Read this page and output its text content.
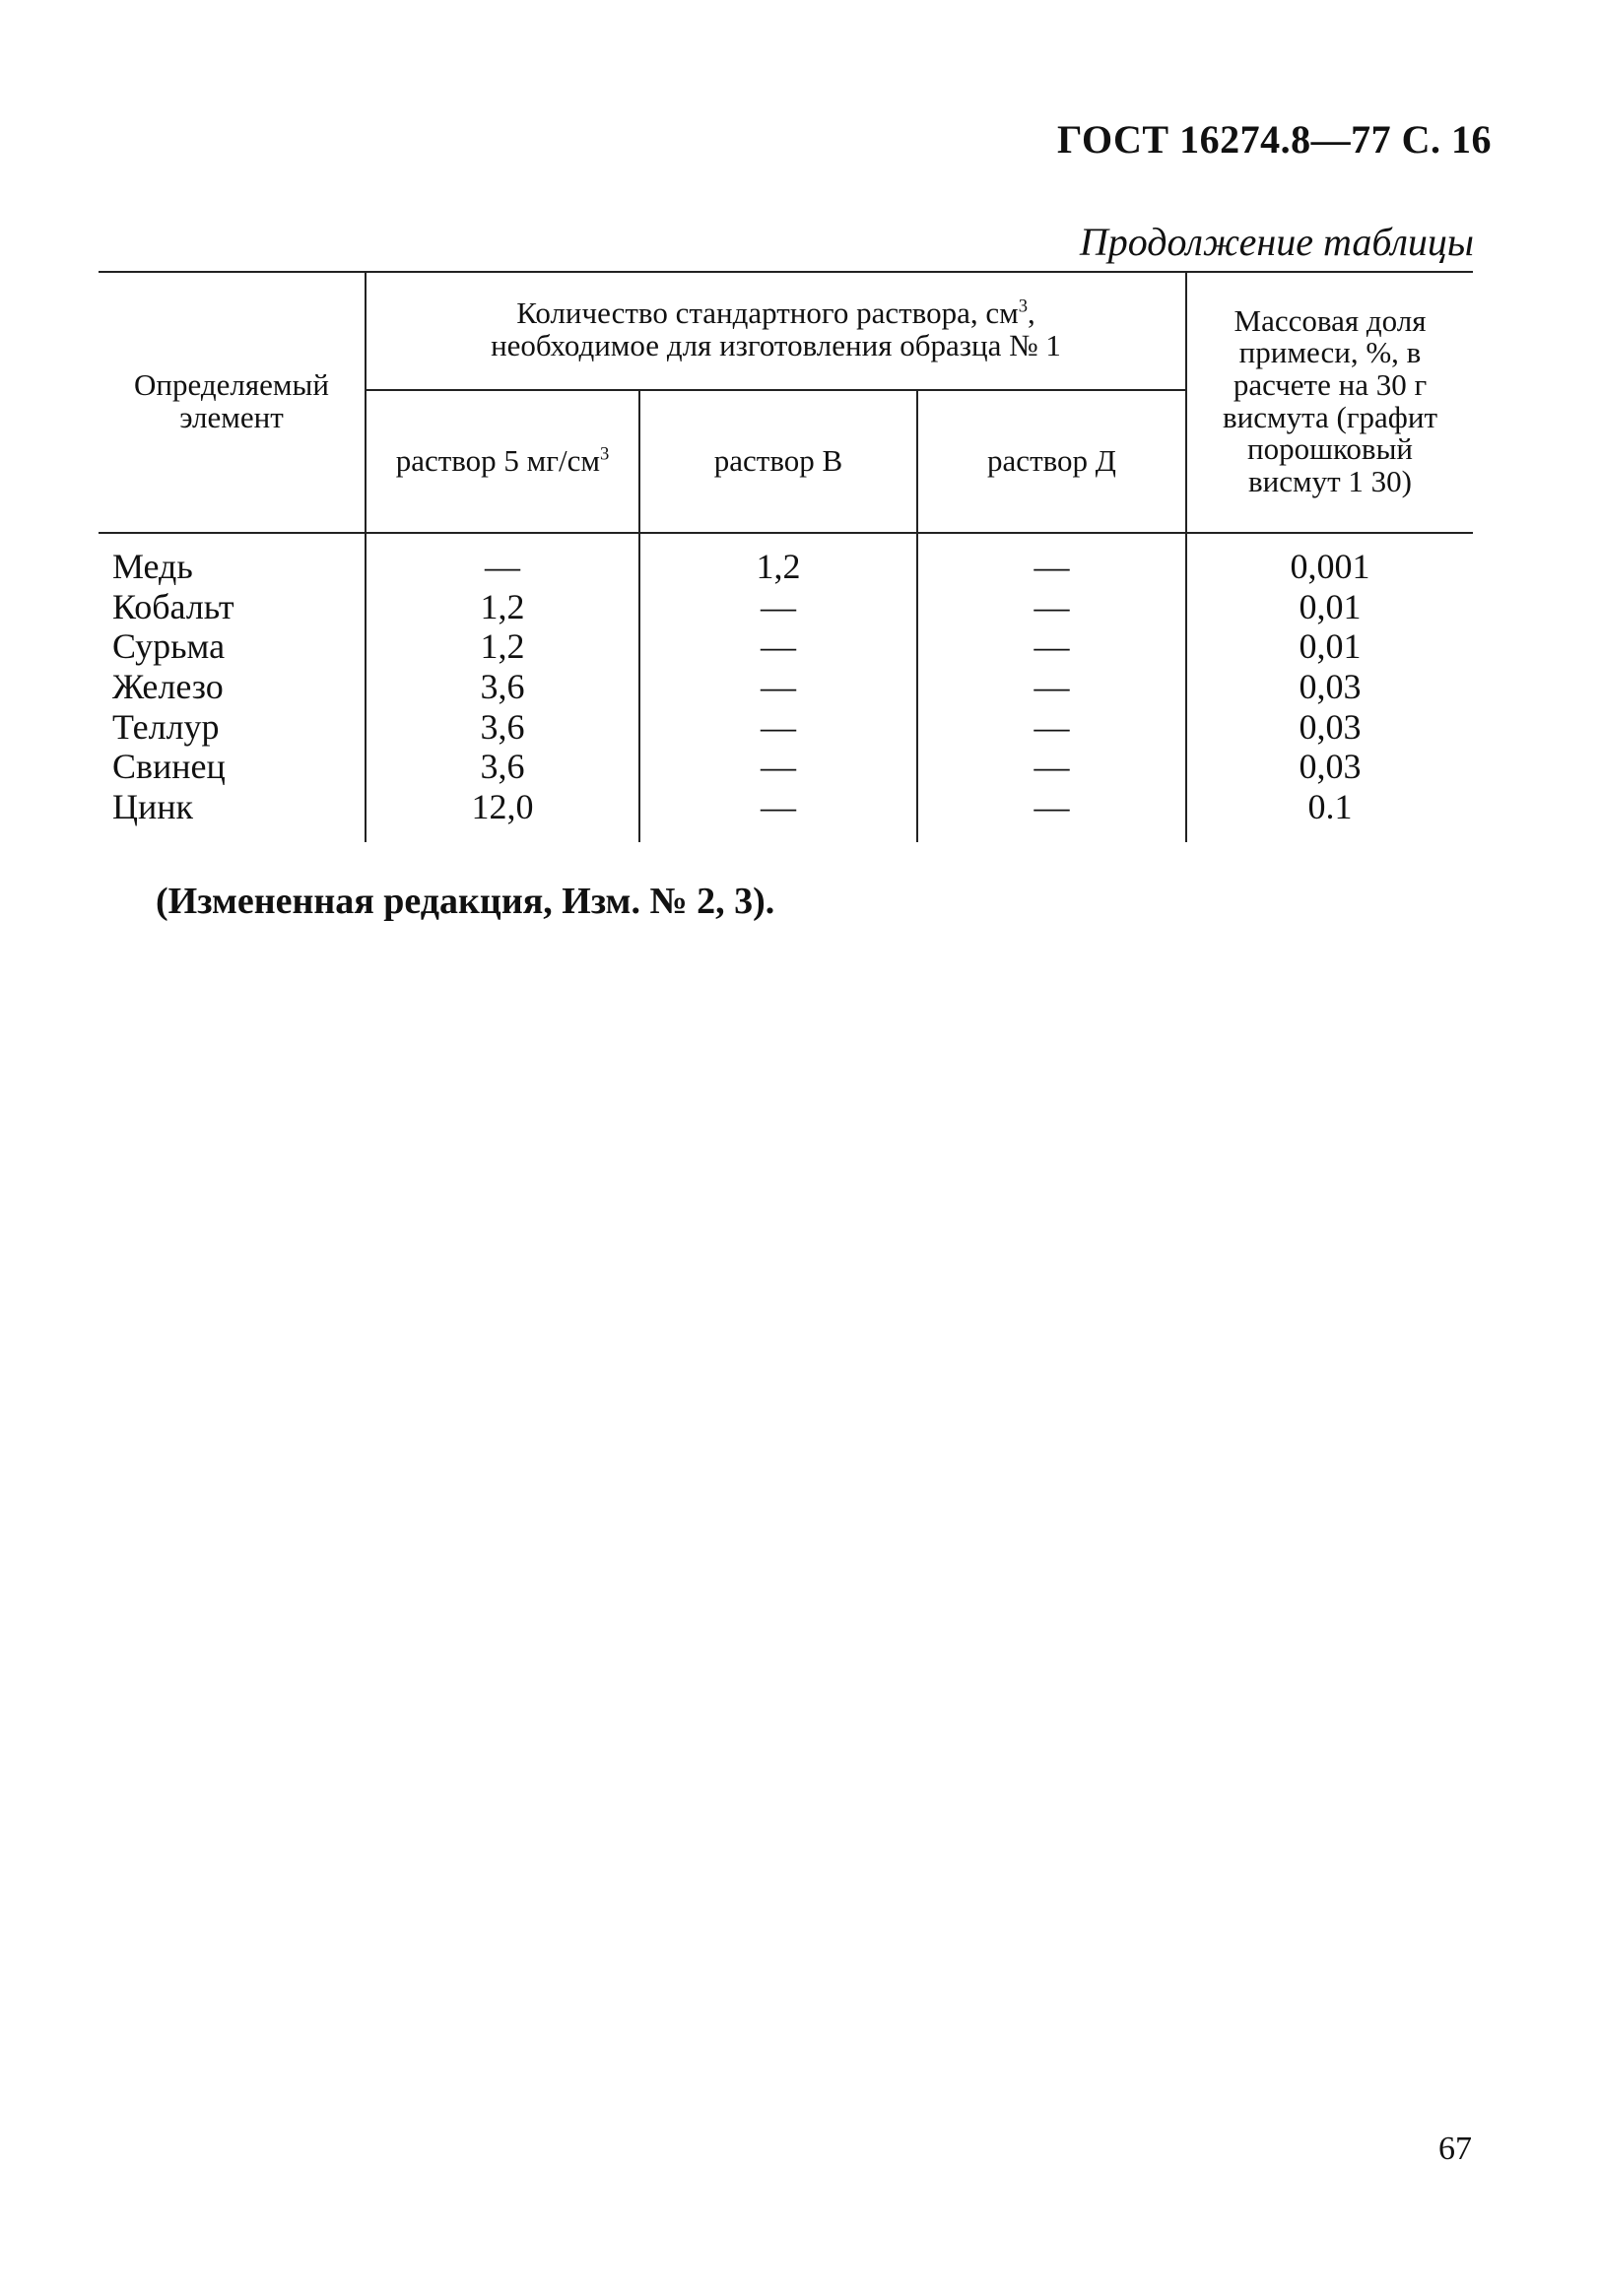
ГОСТ 16274.8—77 С. 16
Продолжение таблицы
Определяемый элемент
Количество стандартного раствора, $см^3$,
необходимое для изготовления образца № 1
раствор 5 $мг/см^3$	раствор В	раствор Д
Массовая доля примеси, %, в расчете на 30 г висмута (графит порошковый висмут 1 30)
Медь
Кобальт
Сурьма
Железо
Теллур
Свинец
Цинк
—
1,2
1,2
3,6
3,6
3,6
12,0
1,2
—
—
—
—
—
—
—
—
—
—
—
—
—
0,001
0,01
0,01
0,03
0,03
0,03
0.1
(Измененная редакция, Изм. № 2, 3).
67
